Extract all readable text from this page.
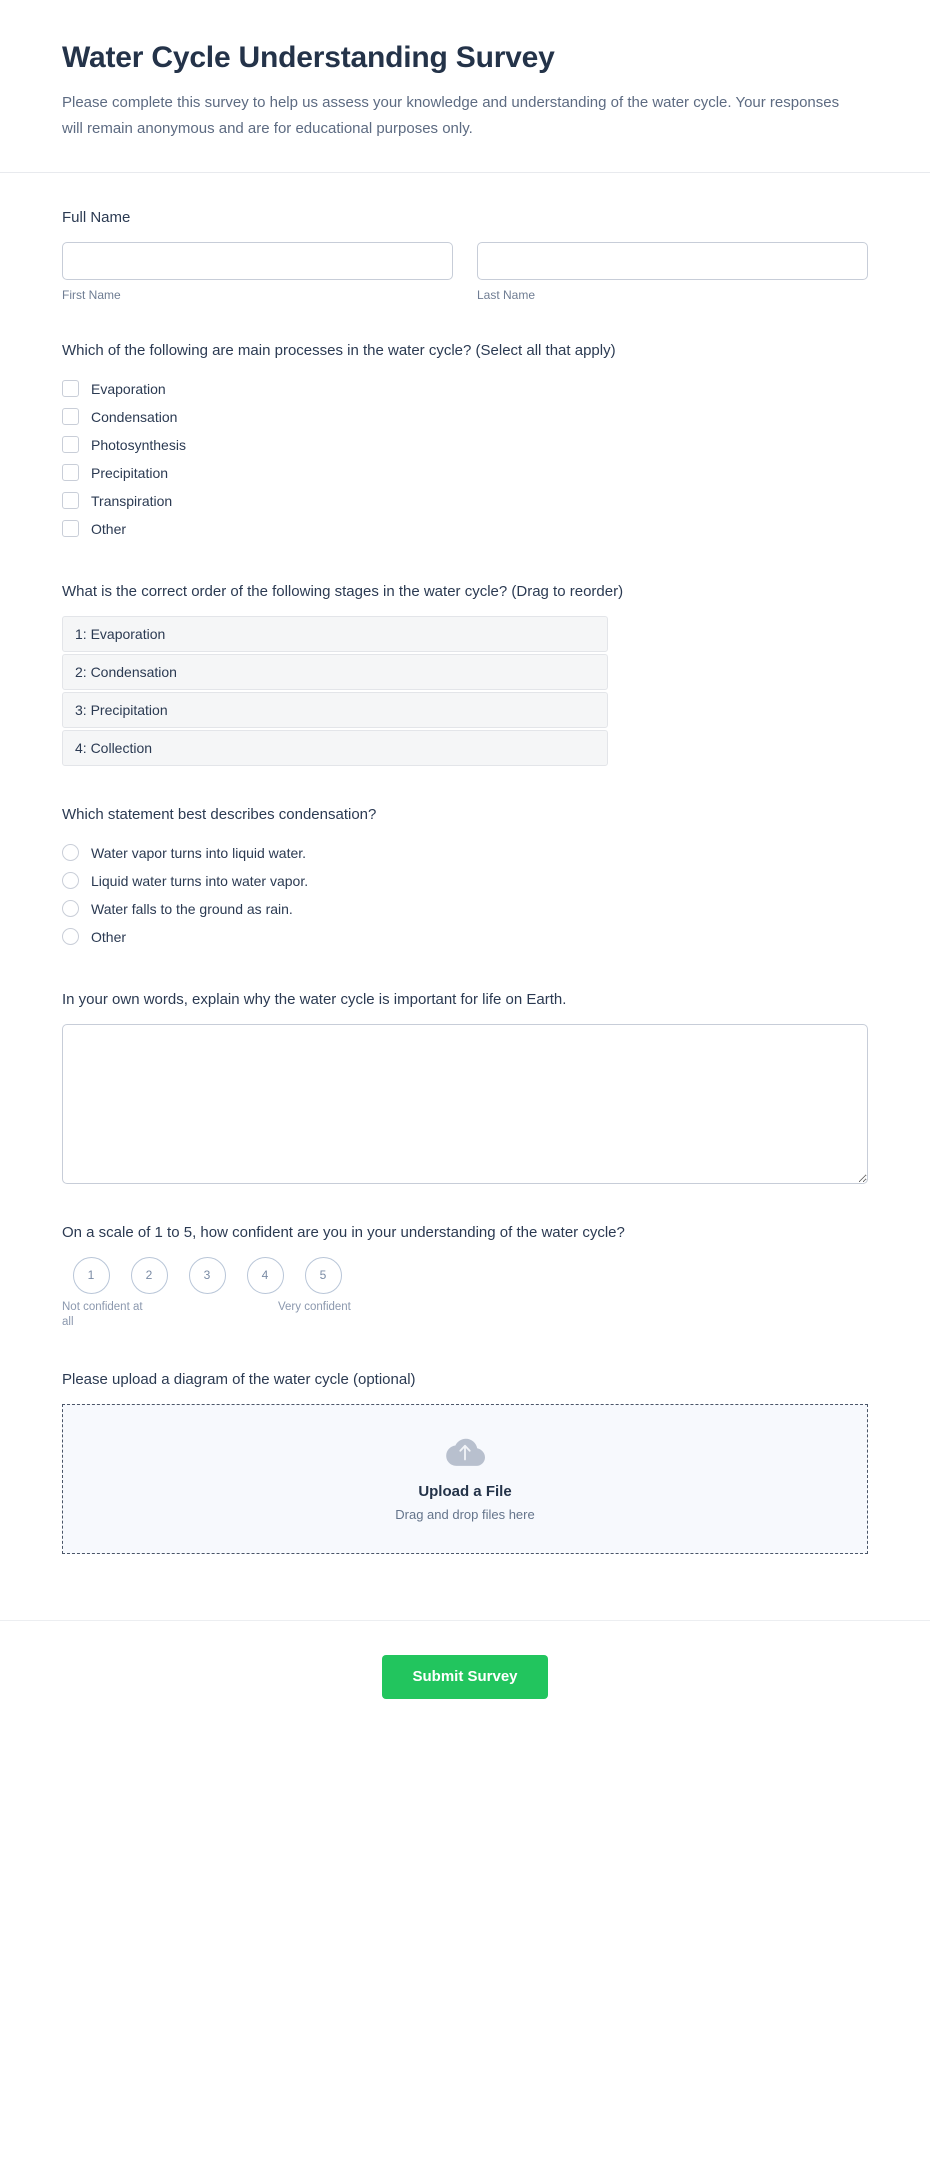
Water Cycle Understanding Survey

Please complete this survey to help us assess your knowledge and understanding of the water cycle. Your responses will remain anonymous and are for educational purposes only.

Full Name
First Name	Last Name
Which of the following are main processes in the water cycle? (Select all that apply)
Evaporation
Condensation
Photosynthesis
Precipitation
Transpiration
Other
What is the correct order of the following stages in the water cycle? (Drag to reorder)
1: Evaporation
2: Condensation
3: Precipitation
4: Collection
Which statement best describes condensation?
Water vapor turns into liquid water.
Liquid water turns into water vapor.
Water falls to the ground as rain.
Other
In your own words, explain why the water cycle is important for life on Earth.
On a scale of 1 to 5, how confident are you in your understanding of the water cycle?
1	2	3	4	5
Not confident at all
Very confident
Please upload a diagram of the water cycle (optional)
Upload a File
Drag and drop files here
Submit Survey
